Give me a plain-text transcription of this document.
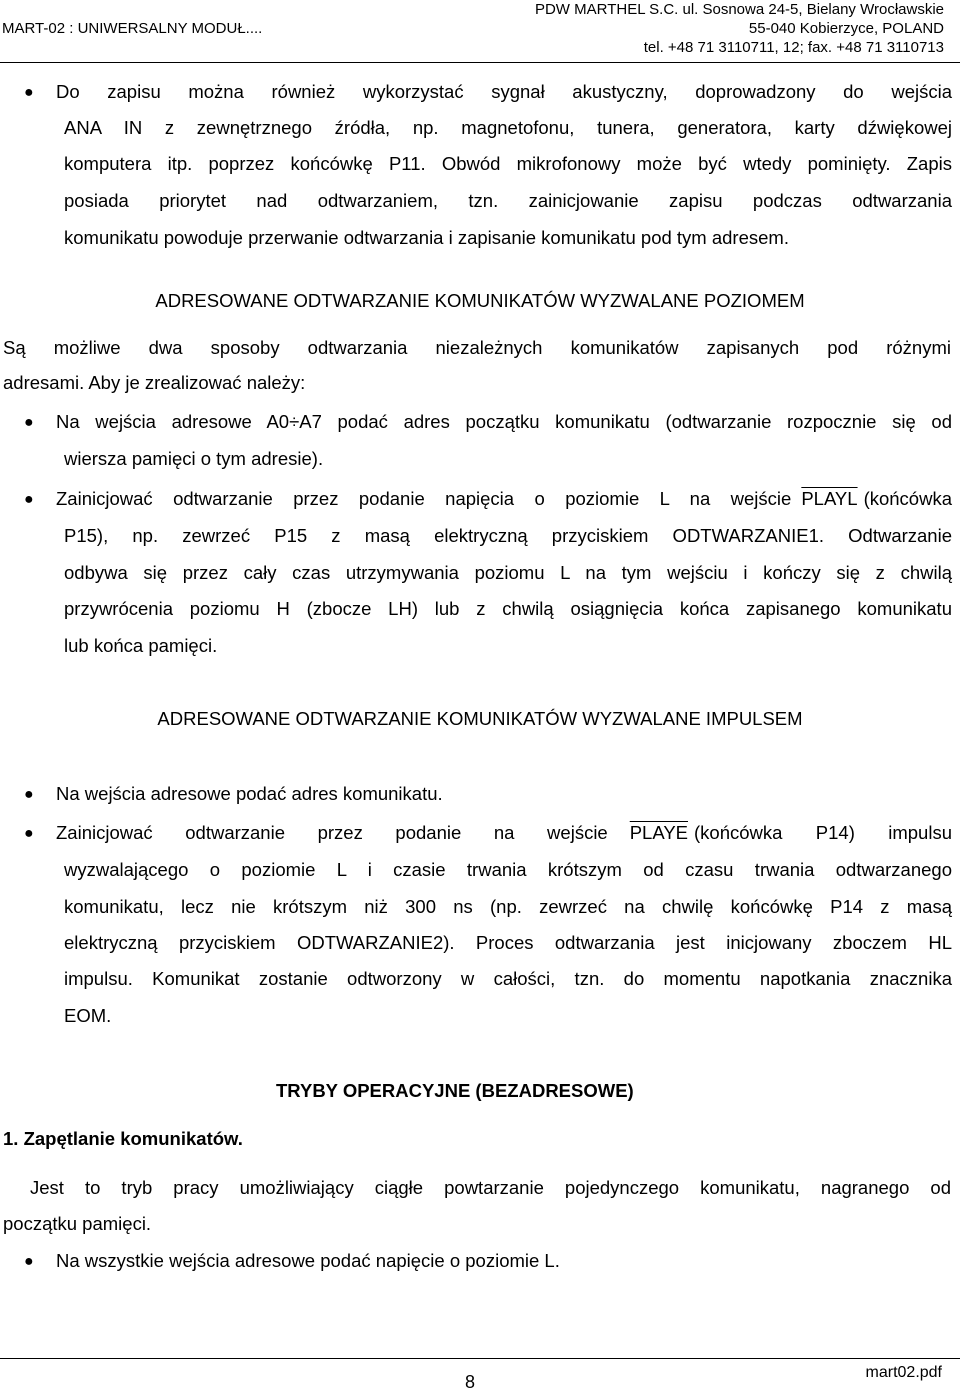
MART-02 : UNIWERSALNY MODUŁ....
PDW MARTHEL S.C. ul. Sosnowa 24-5, Bielany Wrocławskie
55-040 Kobierzyce, POLAND
tel. +48 71 3110711, 12; fax. +48 71 3110713
● Do zapisu można również wykorzystać sygnał akustyczny, doprowadzony do wejścia
ANA IN z zewnętrznego źródła, np. magnetofonu, tunera, generatora, karty dźwiękowej
komputera itp. poprzez końcówkę P11. Obwód mikrofonowy może być wtedy pominięty. Zapis
posiada priorytet nad odtwarzaniem, tzn. zainicjowanie zapisu podczas odtwarzania
komunikatu powoduje przerwanie odtwarzania i zapisanie komunikatu pod tym adresem.
ADRESOWANE ODTWARZANIE KOMUNIKATÓW WYZWALANE POZIOMEM
Są możliwe dwa sposoby odtwarzania niezależnych komunikatów zapisanych pod różnymi
adresami. Aby je zrealizować należy:
● Na wejścia adresowe A0÷A7 podać adres początku komunikatu (odtwarzanie rozpocznie się od
wiersza pamięci o tym adresie).
● Zainicjować odtwarzanie przez podanie napięcia o poziomie L na wejście PLAYL (końcówka
P15), np. zewrzeć P15 z masą elektryczną przyciskiem ODTWARZANIE1. Odtwarzanie
odbywa się przez cały czas utrzymywania poziomu L na tym wejściu i kończy się z chwilą
przywrócenia poziomu H (zbocze LH) lub z chwilą osiągnięcia końca zapisanego komunikatu
lub końca pamięci.
ADRESOWANE ODTWARZANIE KOMUNIKATÓW WYZWALANE IMPULSEM
● Na wejścia adresowe podać adres komunikatu.
● Zainicjować odtwarzanie przez podanie na wejście	PLAYE (końcówka P14) impulsu
wyzwalającego o poziomie L i czasie trwania krótszym od czasu trwania odtwarzanego
komunikatu, lecz nie krótszym niż 300 ns (np. zewrzeć na chwilę końcówkę P14 z masą
elektryczną przyciskiem ODTWARZANIE2). Proces odtwarzania jest inicjowany zboczem HL
impulsu. Komunikat zostanie odtworzony w całości, tzn. do momentu napotkania znacznika
EOM.
TRYBY OPERACYJNE (BEZADRESOWE)
1. Zapętlanie komunikatów.
Jest to tryb pracy umożliwiający ciągłe powtarzanie pojedynczego komunikatu, nagranego od
początku pamięci.
● Na wszystkie wejścia adresowe podać napięcie o poziomie L.
8	mart02.pdf
